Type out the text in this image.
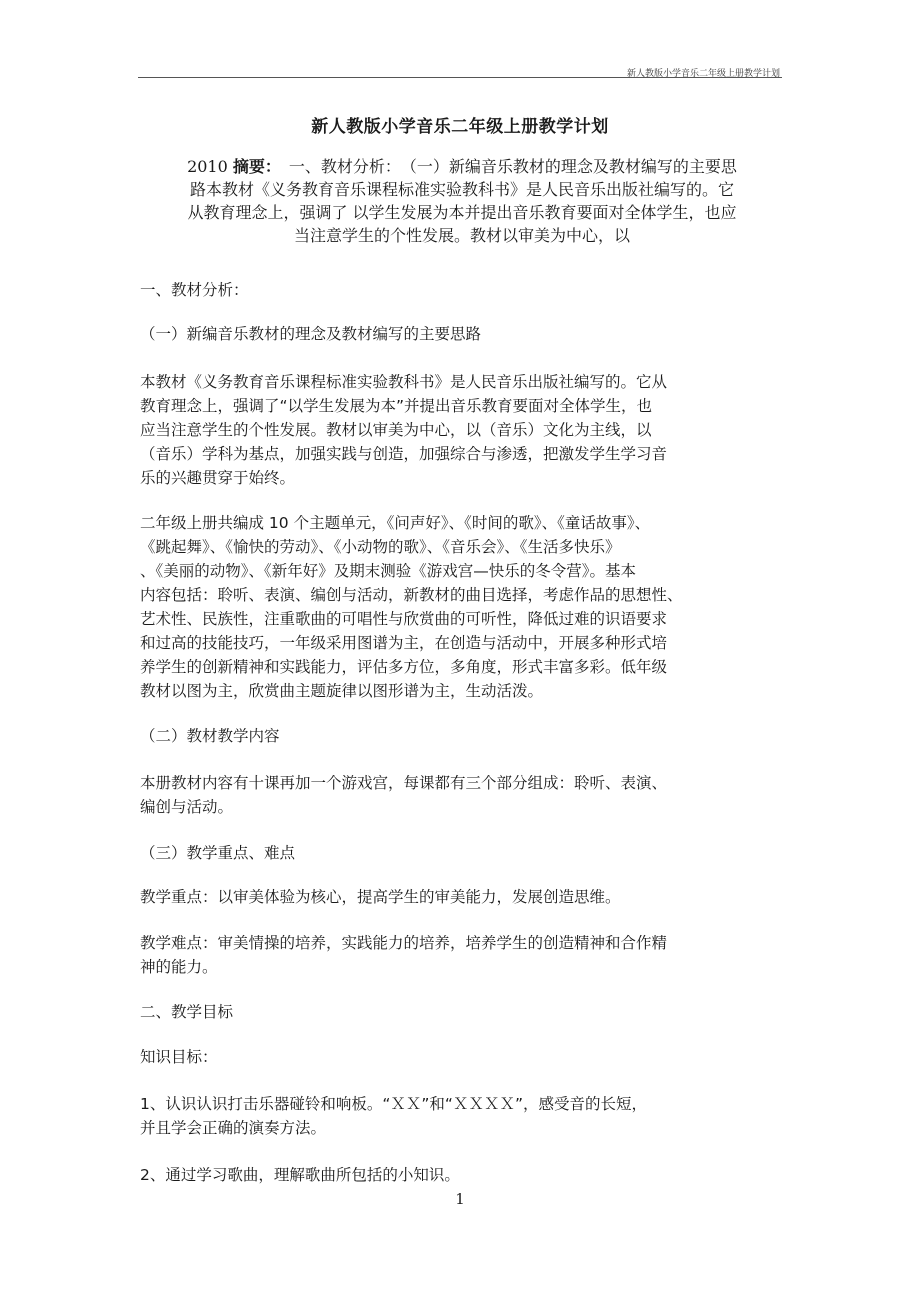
新人教版小学音乐二年级上册教学计划
新人教版小学音乐二年级上册教学计划
2010 摘要：　 一、教材分析：　（一）新编音乐教材的理念及教材编写的主要思
路本教材《义务教育音乐课程标准实验教科书》是人民音乐出版社编写的。它
从教育理念上，强调了 以学生发展为本并提出音乐教育要面对全体学生，也应
当注意学生的个性发展。教材以审美为中心，以
一、教材分析：
（一）新编音乐教材的理念及教材编写的主要思路
本教材《义务教育音乐课程标准实验教科书》是人民音乐出版社编写的。它从
教育理念上，强调了“以学生发展为本”并提出音乐教育要面对全体学生，也
应当注意学生的个性发展。教材以审美为中心，以（音乐）文化为主线，以
（音乐）学科为基点，加强实践与创造，加强综合与渗透，把激发学生学习音
乐的兴趣贯穿于始终。
二年级上册共编成 10 个主题单元，《问声好》、《时间的歌》、《童话故事》、
《跳起舞》、《愉快的劳动》、《小动物的歌》、《音乐会》、《生活多快乐》
、《美丽的动物》、《新年好》及期末测验《游戏宫—快乐的冬令营》。基本
内容包括：聆听、表演、编创与活动，新教材的曲目选择，考虑作品的思想性、
艺术性、民族性，注重歌曲的可唱性与欣赏曲的可听性，降低过难的识语要求
和过高的技能技巧，一年级采用图谱为主，在创造与活动中，开展多种形式培
养学生的创新精神和实践能力，评估多方位，多角度，形式丰富多彩。低年级
教材以图为主，欣赏曲主题旋律以图形谱为主，生动活泼。
（二）教材教学内容
本册教材内容有十课再加一个游戏宫，每课都有三个部分组成：聆听、表演、
编创与活动。
（三）教学重点、难点
教学重点：以审美体验为核心，提高学生的审美能力，发展创造思维。
教学难点：审美情操的培养，实践能力的培养，培养学生的创造精神和合作精
神的能力。
二、教学目标
知识目标：
1、认识认识打击乐器碰铃和响板。“ＸＸ”和“ＸＸＸＸ”，感受音的长短，
并且学会正确的演奏方法。
2、通过学习歌曲，理解歌曲所包括的小知识。
1
